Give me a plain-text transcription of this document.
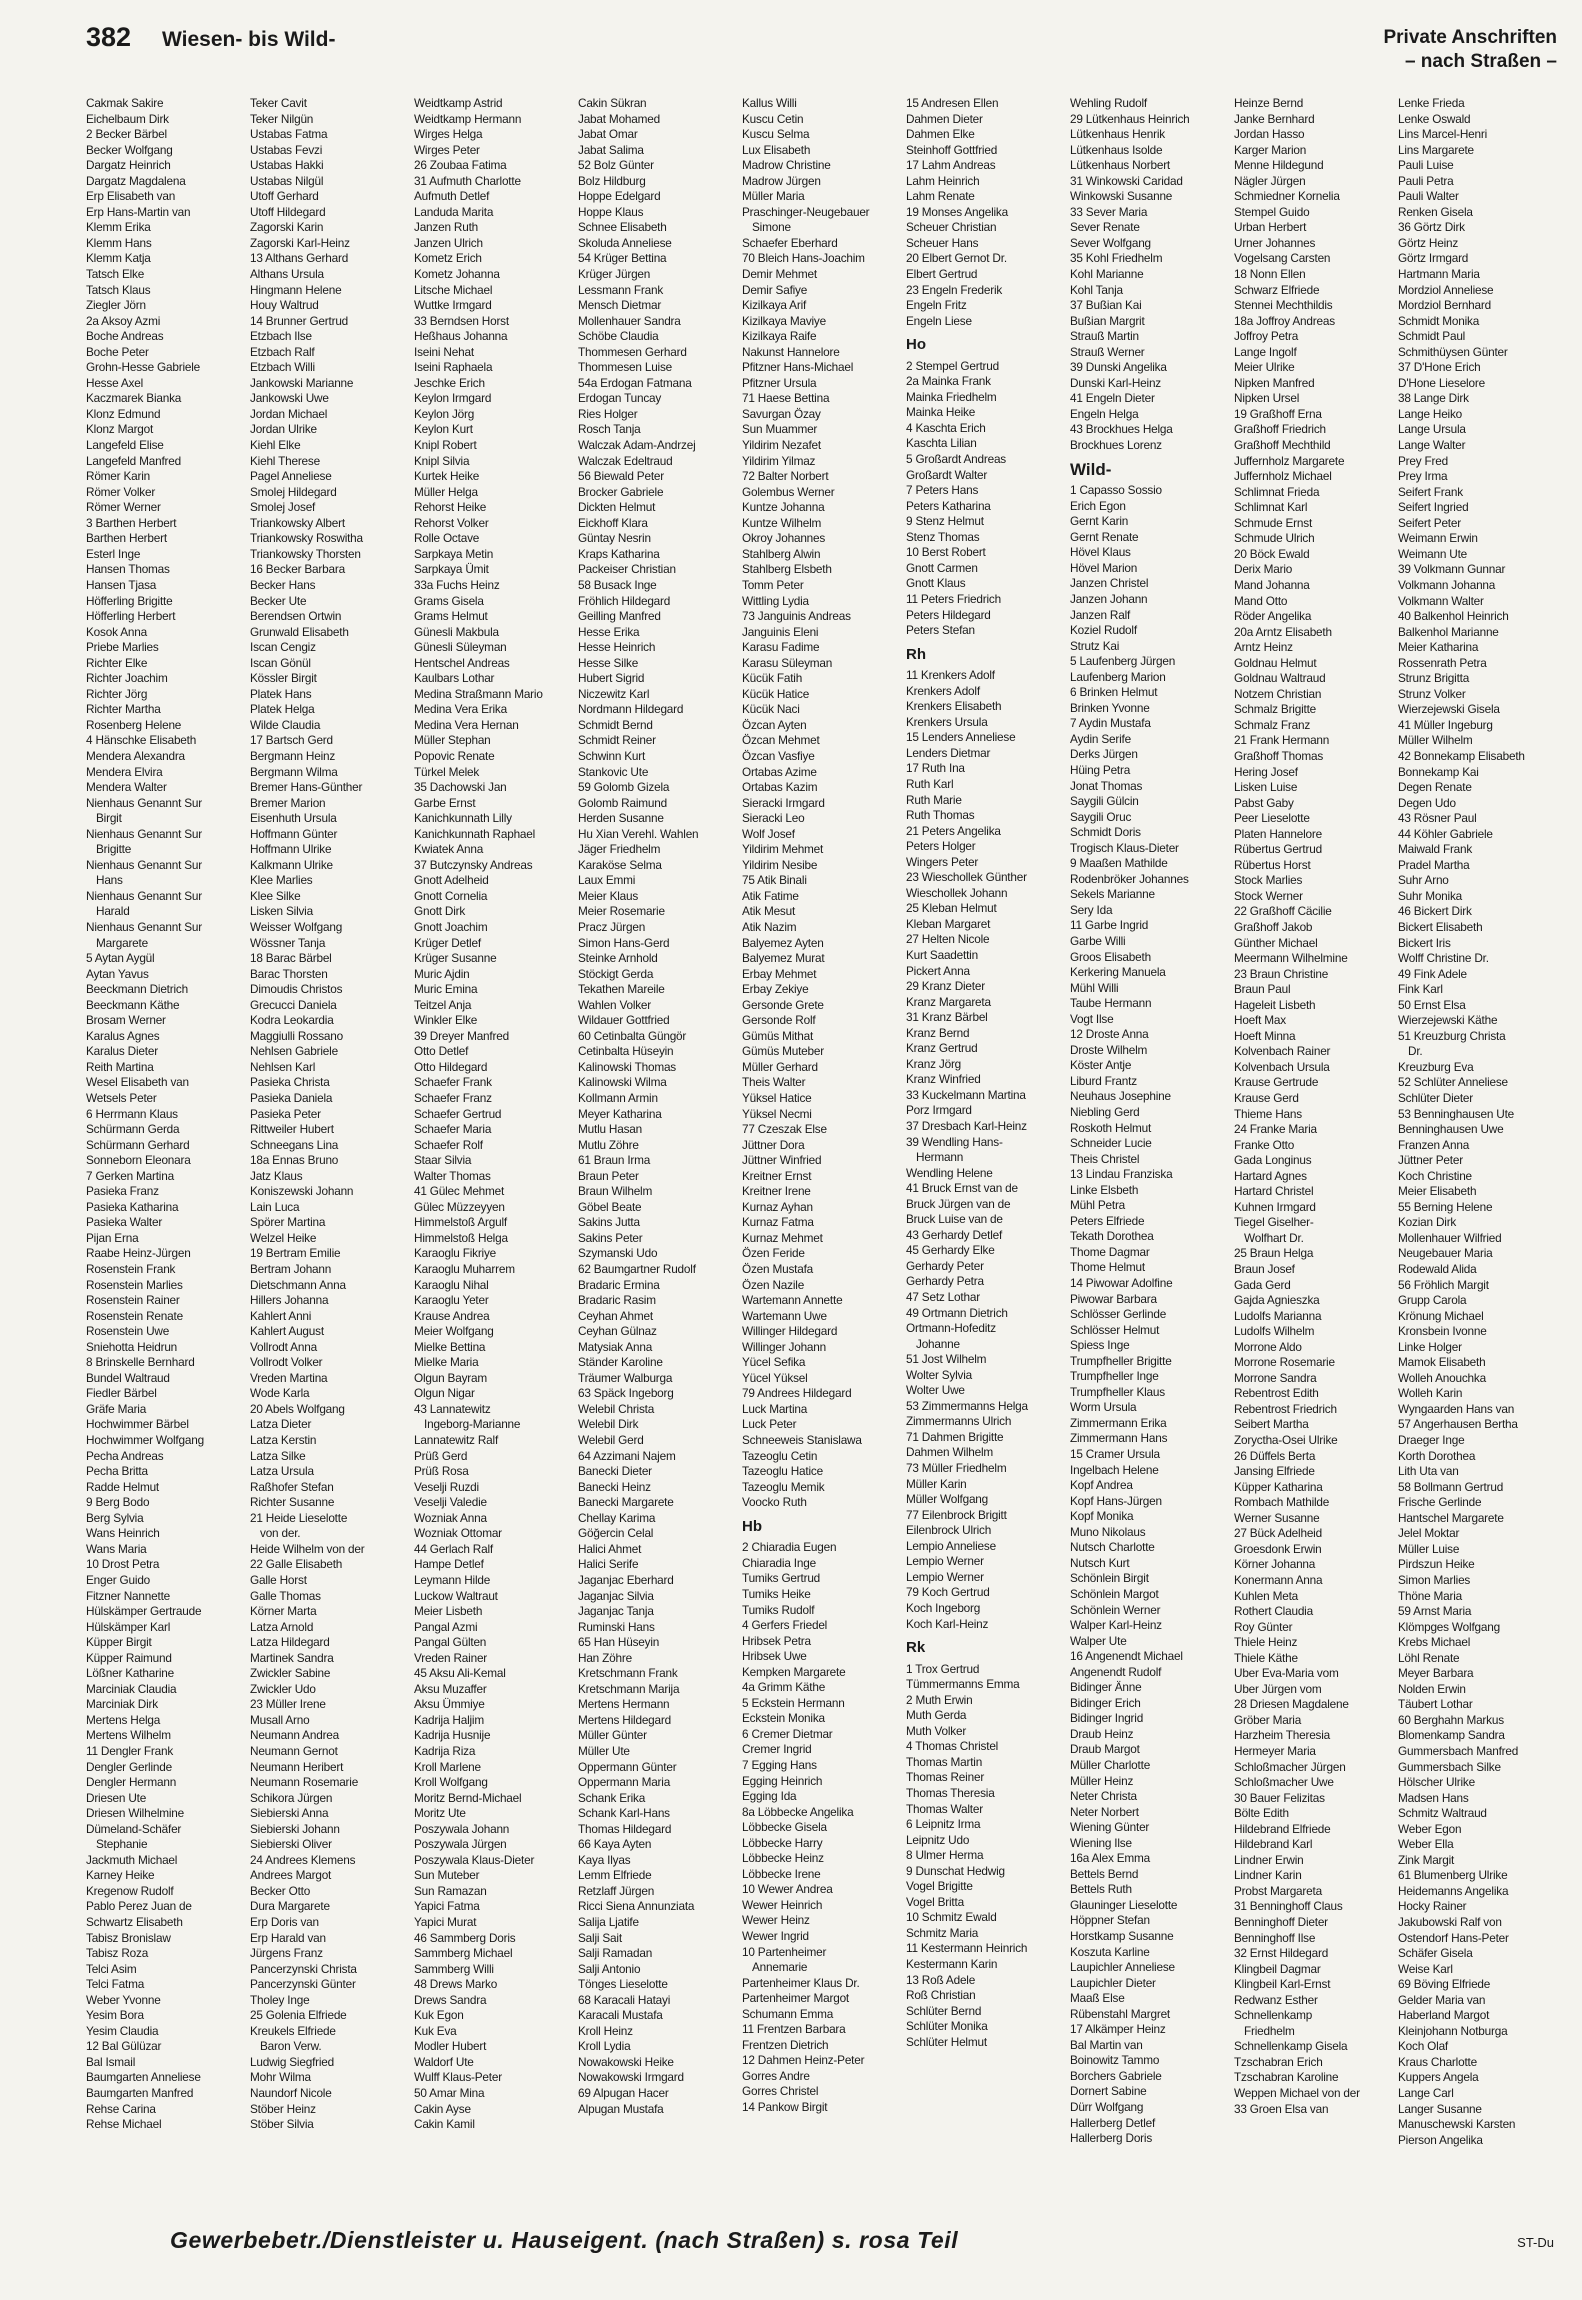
382 Wiesen- bis Wild-	Private Anschriften
– nach Straßen –
Cakmak Sakire
Eichelbaum Dirk
2 Becker Bärbel
Becker Wolfgang
Dargatz Heinrich
Dargatz Magdalena
Erp Elisabeth van
Erp Hans-Martin van
Klemm Erika
Klemm Hans
Klemm Katja
Tatsch Elke
Tatsch Klaus
Ziegler Jörn
2a Aksoy Azmi
Boche Andreas
Boche Peter
Grohn-Hesse Gabriele
Hesse Axel
Kaczmarek Bianka
Klonz Edmund
Klonz Margot
Langefeld Elise
Langefeld Manfred
Römer Karin
Römer Volker
Römer Werner
3 Barthen Herbert
Barthen Herbert
Esterl Inge
Hansen Thomas
Hansen Tjasa
Höfferling Brigitte
Höfferling Herbert
Kosok Anna
Priebe Marlies
Richter Elke
Richter Joachim
Richter Jörg
Richter Martha
Rosenberg Helene
4 Hänschke Elisabeth
Mendera Alexandra
Mendera Elvira
Mendera Walter
Nienhaus Genannt Sur
Birgit
Nienhaus Genannt Sur
Brigitte
Nienhaus Genannt Sur
Hans
Nienhaus Genannt Sur
Harald
Nienhaus Genannt Sur
Margarete
5 Aytan Aygül
Aytan Yavus
Beeckmann Dietrich
Beeckmann Käthe
Brosam Werner
Karalus Agnes
Karalus Dieter
Reith Martina
Wesel Elisabeth van
Wetsels Peter
6 Herrmann Klaus
Schürmann Gerda
Schürmann Gerhard
Sonneborn Eleonara
7 Gerken Martina
Pasieka Franz
Pasieka Katharina
Pasieka Walter
Pijan Erna
Raabe Heinz-Jürgen
Rosenstein Frank
Rosenstein Marlies
Rosenstein Rainer
Rosenstein Renate
Rosenstein Uwe
Sniehotta Heidrun
8 Brinskelle Bernhard
Bundel Waltraud
Fiedler Bärbel
Gräfe Maria
Hochwimmer Bärbel
Hochwimmer Wolfgang
Pecha Andreas
Pecha Britta
Radde Helmut
9 Berg Bodo
Berg Sylvia
Wans Heinrich
Wans Maria
10 Drost Petra
Enger Guido
Fitzner Nannette
Hülskämper Gertraude
Hülskämper Karl
Küpper Birgit
Küpper Raimund
Lößner Katharine
Marciniak Claudia
Marciniak Dirk
Mertens Helga
Mertens Wilhelm
11 Dengler Frank
Dengler Gerlinde
Dengler Hermann
Driesen Ute
Driesen Wilhelmine
Dümeland-Schäfer
Stephanie
Jackmuth Michael
Karney Heike
Kregenow Rudolf
Pablo Perez Juan de
Schwartz Elisabeth
Tabisz Bronislaw
Tabisz Roza
Telci Asim
Telci Fatma
Weber Yvonne
Yesim Bora
Yesim Claudia
12 Bal Gülüzar
Bal Ismail
Baumgarten Anneliese
Baumgarten Manfred
Rehse Carina
Rehse Michael
Teker Cavit
Teker Nilgün
Ustabas Fatma
Ustabas Fevzi
Ustabas Hakki
Ustabas Nilgül
Utoff Gerhard
Utoff Hildegard
Zagorski Karin
Zagorski Karl-Heinz
13 Althans Gerhard
Althans Ursula
Hingmann Helene
Houy Waltrud
14 Brunner Gertrud
Etzbach Ilse
Etzbach Ralf
Etzbach Willi
Jankowski Marianne
Jankowski Uwe
Jordan Michael
Jordan Ulrike
Kiehl Elke
Kiehl Therese
Pagel Anneliese
Smolej Hildegard
Smolej Josef
Triankowsky Albert
Triankowsky Roswitha
Triankowsky Thorsten
16 Becker Barbara
Becker Hans
Becker Ute
Berendsen Ortwin
Grunwald Elisabeth
Iscan Cengiz
Iscan Gönül
Kössler Birgit
Platek Hans
Platek Helga
Wilde Claudia
17 Bartsch Gerd
Bergmann Heinz
Bergmann Wilma
Bremer Hans-Günther
Bremer Marion
Eisenhuth Ursula
Hoffmann Günter
Hoffmann Ulrike
Kalkmann Ulrike
Klee Marlies
Klee Silke
Lisken Silvia
Weisser Wolfgang
Wössner Tanja
18 Barac Bärbel
Barac Thorsten
Dimoudis Christos
Grecucci Daniela
Kodra Leokardia
Maggiulli Rossano
Nehlsen Gabriele
Nehlsen Karl
Pasieka Christa
Pasieka Daniela
Pasieka Peter
Rittweiler Hubert
Schneegans Lina
18a Ennas Bruno
Jatz Klaus
Koniszewski Johann
Lain Luca
Spörer Martina
Welzel Heike
19 Bertram Emilie
Bertram Johann
Dietschmann Anna
Hillers Johanna
Kahlert Anni
Kahlert August
Vollrodt Anna
Vollrodt Volker
Vreden Martina
Wode Karla
20 Abels Wolfgang
Latza Dieter
Latza Kerstin
Latza Silke
Latza Ursula
Raßhofer Stefan
Richter Susanne
21 Heide Lieselotte
von der.
Heide Wilhelm von der
22 Galle Elisabeth
Galle Horst
Galle Thomas
Körner Marta
Latza Arnold
Latza Hildegard
Martinek Sandra
Zwickler Sabine
Zwickler Udo
23 Müller Irene
Musall Arno
Neumann Andrea
Neumann Gernot
Neumann Heribert
Neumann Rosemarie
Schikora Jürgen
Siebierski Anna
Siebierski Johann
Siebierski Oliver
24 Andrees Klemens
Andrees Margot
Becker Otto
Dura Margarete
Erp Doris van
Erp Harald van
Jürgens Franz
Pancerzynski Christa
Pancerzynski Günter
Tholey Inge
25 Golenia Elfriede
Kreukels Elfriede
Baron Verw.
Ludwig Siegfried
Mohr Wilma
Naundorf Nicole
Stöber Heinz
Stöber Silvia
Weidtkamp Astrid
Weidtkamp Hermann
Wirges Helga
Wirges Peter
26 Zoubaa Fatima
31 Aufmuth Charlotte
Aufmuth Detlef
Landuda Marita
Janzen Ruth
Janzen Ulrich
Kometz Erich
Kometz Johanna
Litsche Michael
Wuttke Irmgard
33 Berndsen Horst
Heßhaus Johanna
Iseini Nehat
Iseini Raphaela
Jeschke Erich
Keylon Irmgard
Keylon Jörg
Keylon Kurt
Knipl Robert
Knipl Silvia
Kurtek Heike
Müller Helga
Rehorst Heike
Rehorst Volker
Rolle Octave
Sarpkaya Metin
Sarpkaya Ümit
33a Fuchs Heinz
Grams Gisela
Grams Helmut
Günesli Makbula
Günesli Süleyman
Hentschel Andreas
Kaulbars Lothar
Medina Straßmann Mario
Medina Vera Erika
Medina Vera Hernan
Müller Stephan
Popovic Renate
Türkel Melek
35 Dachowski Jan
Garbe Ernst
Kanichkunnath Lilly
Kanichkunnath Raphael
Kwiatek Anna
37 Butczynsky Andreas
Gnott Adelheid
Gnott Cornelia
Gnott Dirk
Gnott Joachim
Krüger Detlef
Krüger Susanne
Muric Ajdin
Muric Emina
Teitzel Anja
Winkler Elke
39 Dreyer Manfred
Otto Detlef
Otto Hildegard
Schaefer Frank
Schaefer Franz
Schaefer Gertrud
Schaefer Maria
Schaefer Rolf
Staar Silvia
Walter Thomas
41 Gülec Mehmet
Gülec Müzzeyyen
Himmelstoß Argulf
Himmelstoß Helga
Karaoglu Fikriye
Karaoglu Muharrem
Karaoglu Nihal
Karaoglu Yeter
Krause Andrea
Meier Wolfgang
Mielke Bettina
Mielke Maria
Olgun Bayram
Olgun Nigar
43 Lannatewitz
Ingeborg-Marianne
Lannatewitz Ralf
Prüß Gerd
Prüß Rosa
Veselji Ruzdi
Veselji Valedie
Wozniak Anna
Wozniak Ottomar
44 Gerlach Ralf
Hampe Detlef
Leymann Hilde
Luckow Waltraut
Meier Lisbeth
Pangal Azmi
Pangal Gülten
Vreden Rainer
45 Aksu Ali-Kemal
Aksu Muzaffer
Aksu Ümmiye
Kadrija Haljim
Kadrija Husnije
Kadrija Riza
Kroll Marlene
Kroll Wolfgang
Moritz Bernd-Michael
Moritz Ute
Poszywala Johann
Poszywala Jürgen
Poszywala Klaus-Dieter
Sun Muteber
Sun Ramazan
Yapici Fatma
Yapici Murat
46 Sammberg Doris
Sammberg Michael
Sammberg Willi
48 Drews Marko
Drews Sandra
Kuk Egon
Kuk Eva
Modler Hubert
Waldorf Ute
Wulff Klaus-Peter
50 Amar Mina
Cakin Ayse
Cakin Kamil
Cakin Sükran
Jabat Mohamed
Jabat Omar
Jabat Salima
52 Bolz Günter
Bolz Hildburg
Hoppe Edelgard
Hoppe Klaus
Schnee Elisabeth
Skoluda Anneliese
54 Krüger Bettina
Krüger Jürgen
Lessmann Frank
Mensch Dietmar
Mollenhauer Sandra
Schöbe Claudia
Thommesen Gerhard
Thommesen Luise
54a Erdogan Fatmana
Erdogan Tuncay
Ries Holger
Rosch Tanja
Walczak Adam-Andrzej
Walczak Edeltraud
56 Biewald Peter
Brocker Gabriele
Dickten Helmut
Eickhoff Klara
Güntay Nesrin
Kraps Katharina
Packeiser Christian
58 Busack Inge
Fröhlich Hildegard
Geilling Manfred
Hesse Erika
Hesse Heinrich
Hesse Silke
Hubert Sigrid
Niczewitz Karl
Nordmann Hildegard
Schmidt Bernd
Schmidt Reiner
Schwinn Kurt
Stankovic Ute
59 Golomb Gizela
Golomb Raimund
Herden Susanne
Hu Xian Verehl. Wahlen
Jäger Friedhelm
Karaköse Selma
Laux Emmi
Meier Klaus
Meier Rosemarie
Pracz Jürgen
Simon Hans-Gerd
Steinke Arnhold
Stöckigt Gerda
Tekathen Mareile
Wahlen Volker
Wildauer Gottfried
60 Cetinbalta Güngör
Cetinbalta Hüseyin
Kalinowski Thomas
Kalinowski Wilma
Kollmann Armin
Meyer Katharina
Mutlu Hasan
Mutlu Zöhre
61 Braun Irma
Braun Peter
Braun Wilhelm
Göbel Beate
Sakins Jutta
Sakins Peter
Szymanski Udo
62 Baumgartner Rudolf
Bradaric Ermina
Bradaric Rasim
Ceyhan Ahmet
Ceyhan Gülnaz
Matysiak Anna
Ständer Karoline
Träumer Walburga
63 Späck Ingeborg
Welebil Christa
Welebil Dirk
Welebil Gerd
64 Azzimani Najem
Banecki Dieter
Banecki Heinz
Banecki Margarete
Chellay Karima
Göğercin Celal
Halici Ahmet
Halici Serife
Jaganjac Eberhard
Jaganjac Silvia
Jaganjac Tanja
Ruminski Hans
65 Han Hüseyin
Han Zöhre
Kretschmann Frank
Kretschmann Marija
Mertens Hermann
Mertens Hildegard
Müller Günter
Müller Ute
Oppermann Günter
Oppermann Maria
Schank Erika
Schank Karl-Hans
Thomas Hildegard
66 Kaya Ayten
Kaya Ilyas
Lemm Elfriede
Retzlaff Jürgen
Ricci Siena Annunziata
Salija Ljatife
Salji Sait
Salji Ramadan
Salji Antonio
Tönges Lieselotte
68 Karacali Hatayi
Karacali Mustafa
Kroll Heinz
Kroll Lydia
Nowakowski Heike
Nowakowski Irmgard
69 Alpugan Hacer
Alpugan Mustafa
Kallus Willi
Kuscu Cetin
Kuscu Selma
Lux Elisabeth
Madrow Christine
Madrow Jürgen
Müller Maria
Praschinger-Neugebauer
Simone
Schaefer Eberhard
70 Bleich Hans-Joachim
Demir Mehmet
Demir Safiye
Kizilkaya Arif
Kizilkaya Maviye
Kizilkaya Raife
Nakunst Hannelore
Pfitzner Hans-Michael
Pfitzner Ursula
71 Haese Bettina
Savurgan Özay
Sun Muammer
Yildirim Nezafet
Yildirim Yilmaz
72 Balter Norbert
Golembus Werner
Kuntze Johanna
Kuntze Wilhelm
Okroy Johannes
Stahlberg Alwin
Stahlberg Elsbeth
Tomm Peter
Wittling Lydia
73 Janguinis Andreas
Janguinis Eleni
Karasu Fadime
Karasu Süleyman
Kücük Fatih
Kücük Hatice
Kücük Naci
Özcan Ayten
Özcan Mehmet
Özcan Vasfiye
Ortabas Azime
Ortabas Kazim
Sieracki Irmgard
Sieracki Leo
Wolf Josef
Yildirim Mehmet
Yildirim Nesibe
75 Atik Binali
Atik Fatime
Atik Mesut
Atik Nazim
Balyemez Ayten
Balyemez Murat
Erbay Mehmet
Erbay Zekiye
Gersonde Grete
Gersonde Rolf
Gümüs Mithat
Gümüs Muteber
Müller Gerhard
Theis Walter
Yüksel Hatice
Yüksel Necmi
77 Czeszak Else
Jüttner Dora
Jüttner Winfried
Kreitner Ernst
Kreitner Irene
Kurnaz Ayhan
Kurnaz Fatma
Kurnaz Mehmet
Özen Feride
Özen Mustafa
Özen Nazile
Wartemann Annette
Wartemann Uwe
Willinger Hildegard
Willinger Johann
Yücel Sefika
Yücel Yüksel
79 Andrees Hildegard
Luck Martina
Luck Peter
Schneeweis Stanislawa
Tazeoglu Cetin
Tazeoglu Hatice
Tazeoglu Memik
Voocko Ruth
Hb
2 Chiaradia Eugen
Chiaradia Inge
Tumiks Gertrud
Tumiks Heike
Tumiks Rudolf
4 Gerfers Friedel
Hribsek Petra
Hribsek Uwe
Kempken Margarete
4a Grimm Käthe
5 Eckstein Hermann
Eckstein Monika
6 Cremer Dietmar
Cremer Ingrid
7 Egging Hans
Egging Heinrich
Egging Ida
8a Löbbecke Angelika
Löbbecke Gisela
Löbbecke Harry
Löbbecke Heinz
Löbbecke Irene
10 Wewer Andrea
Wewer Heinrich
Wewer Heinz
Wewer Ingrid
10 Partenheimer
Annemarie
Partenheimer Klaus Dr.
Partenheimer Margot
Schumann Emma
11 Frentzen Barbara
Frentzen Dietrich
12 Dahmen Heinz-Peter
Gorres Andre
Gorres Christel
14 Pankow Birgit
15 Andresen Ellen
Dahmen Dieter
Dahmen Elke
Steinhoff Gottfried
17 Lahm Andreas
Lahm Heinrich
Lahm Renate
19 Monses Angelika
Scheuer Christian
Scheuer Hans
20 Elbert Gernot Dr.
Elbert Gertrud
23 Engeln Frederik
Engeln Fritz
Engeln Liese
Ho
2 Stempel Gertrud
2a Mainka Frank
Mainka Friedhelm
Mainka Heike
4 Kaschta Erich
Kaschta Lilian
5 Großardt Andreas
Großardt Walter
7 Peters Hans
Peters Katharina
9 Stenz Helmut
Stenz Thomas
10 Berst Robert
Gnott Carmen
Gnott Klaus
11 Peters Friedrich
Peters Hildegard
Peters Stefan
Rh
11 Krenkers Adolf
Krenkers Adolf
Krenkers Elisabeth
Krenkers Ursula
15 Lenders Anneliese
Lenders Dietmar
17 Ruth Ina
Ruth Karl
Ruth Marie
Ruth Thomas
21 Peters Angelika
Peters Holger
Wingers Peter
23 Wieschollek Günther
Wieschollek Johann
25 Kleban Helmut
Kleban Margaret
27 Helten Nicole
Kurt Saadettin
Pickert Anna
29 Kranz Dieter
Kranz Margareta
31 Kranz Bärbel
Kranz Bernd
Kranz Gertrud
Kranz Jörg
Kranz Winfried
33 Kuckelmann Martina
Porz Irmgard
37 Dresbach Karl-Heinz
39 Wendling Hans-
Hermann
Wendling Helene
41 Bruck Ernst van de
Bruck Jürgen van de
Bruck Luise van de
43 Gerhardy Detlef
45 Gerhardy Elke
Gerhardy Peter
Gerhardy Petra
47 Setz Lothar
49 Ortmann Dietrich
Ortmann-Hofeditz
Johanne
51 Jost Wilhelm
Wolter Sylvia
Wolter Uwe
53 Zimmermanns Helga
Zimmermanns Ulrich
71 Dahmen Brigitte
Dahmen Wilhelm
73 Müller Friedhelm
Müller Karin
Müller Wolfgang
77 Eilenbrock Brigitt
Eilenbrock Ulrich
Lempio Anneliese
Lempio Werner
Lempio Werner
79 Koch Gertrud
Koch Ingeborg
Koch Karl-Heinz
Rk
1 Trox Gertrud
Tümmermanns Emma
2 Muth Erwin
Muth Gerda
Muth Volker
4 Thomas Christel
Thomas Martin
Thomas Reiner
Thomas Theresia
Thomas Walter
6 Leipnitz Irma
Leipnitz Udo
8 Ulmer Herma
9 Dunschat Hedwig
Vogel Brigitte
Vogel Britta
10 Schmitz Ewald
Schmitz Maria
11 Kestermann Heinrich
Kestermann Karin
13 Roß Adele
Roß Christian
Schlüter Bernd
Schlüter Monika
Schlüter Helmut
Wehling Rudolf
29 Lütkenhaus Heinrich
Lütkenhaus Henrik
Lütkenhaus Isolde
Lütkenhaus Norbert
31 Winkowski Caridad
Winkowski Susanne
33 Sever Maria
Sever Renate
Sever Wolfgang
35 Kohl Friedhelm
Kohl Marianne
Kohl Tanja
37 Bußian Kai
Bußian Margrit
Strauß Martin
Strauß Werner
39 Dunski Angelika
Dunski Karl-Heinz
41 Engeln Dieter
Engeln Helga
43 Brockhues Helga
Brockhues Lorenz
Wild-
1 Capasso Sossio
Erich Egon
Gernt Karin
Gernt Renate
Hövel Klaus
Hövel Marion
Janzen Christel
Janzen Johann
Janzen Ralf
Koziel Rudolf
Strutz Kai
5 Laufenberg Jürgen
Laufenberg Marion
6 Brinken Helmut
Brinken Yvonne
7 Aydin Mustafa
Aydin Serife
Derks Jürgen
Hüing Petra
Jonat Thomas
Saygili Gülcin
Saygili Oruc
Schmidt Doris
Trogisch Klaus-Dieter
9 Maaßen Mathilde
Rodenbröker Johannes
Sekels Marianne
Sery Ida
11 Garbe Ingrid
Garbe Willi
Groos Elisabeth
Kerkering Manuela
Mühl Willi
Taube Hermann
Vogt Ilse
12 Droste Anna
Droste Wilhelm
Köster Antje
Liburd Frantz
Neuhaus Josephine
Niebling Gerd
Roskoth Helmut
Schneider Lucie
Theis Christel
13 Lindau Franziska
Linke Elsbeth
Mühl Petra
Peters Elfriede
Tekath Dorothea
Thome Dagmar
Thome Helmut
14 Piwowar Adolfine
Piwowar Barbara
Schlösser Gerlinde
Schlösser Helmut
Spiess Inge
Trumpfheller Brigitte
Trumpfheller Inge
Trumpfheller Klaus
Worm Ursula
Zimmermann Erika
Zimmermann Hans
15 Cramer Ursula
Ingelbach Helene
Kopf Andrea
Kopf Hans-Jürgen
Kopf Monika
Muno Nikolaus
Nutsch Charlotte
Nutsch Kurt
Schönlein Birgit
Schönlein Margot
Schönlein Werner
Walper Karl-Heinz
Walper Ute
16 Angenendt Michael
Angenendt Rudolf
Bidinger Änne
Bidinger Erich
Bidinger Ingrid
Draub Heinz
Draub Margot
Müller Charlotte
Müller Heinz
Neter Christa
Neter Norbert
Wiening Günter
Wiening Ilse
16a Alex Emma
Bettels Bernd
Bettels Ruth
Glauninger Lieselotte
Höppner Stefan
Horstkamp Susanne
Koszuta Karline
Laupichler Anneliese
Laupichler Dieter
Maaß Else
Rübenstahl Margret
17 Alkämper Heinz
Bal Martin van
Boinowitz Tammo
Borchers Gabriele
Dornert Sabine
Dürr Wolfgang
Hallerberg Detlef
Hallerberg Doris
Heinze Bernd
Janke Bernhard
Jordan Hasso
Karger Marion
Menne Hildegund
Nägler Jürgen
Schmiedner Kornelia
Stempel Guido
Urban Herbert
Urner Johannes
Vogelsang Carsten
18 Nonn Ellen
Schwarz Elfriede
Stennei Mechthildis
18a Joffroy Andreas
Joffroy Petra
Lange Ingolf
Meier Ulrike
Nipken Manfred
Nipken Ursel
19 Graßhoff Erna
Graßhoff Friedrich
Graßhoff Mechthild
Juffernholz Margarete
Juffernholz Michael
Schlimnat Frieda
Schlimnat Karl
Schmude Ernst
Schmude Ulrich
20 Böck Ewald
Derix Mario
Mand Johanna
Mand Otto
Röder Angelika
20a Arntz Elisabeth
Arntz Heinz
Goldnau Helmut
Goldnau Waltraud
Notzem Christian
Schmalz Brigitte
Schmalz Franz
21 Frank Hermann
Graßhoff Thomas
Hering Josef
Lisken Luise
Pabst Gaby
Peer Lieselotte
Platen Hannelore
Rübertus Gertrud
Rübertus Horst
Stock Marlies
Stock Werner
22 Graßhoff Cäcilie
Graßhoff Jakob
Günther Michael
Meermann Wilhelmine
23 Braun Christine
Braun Paul
Hageleit Lisbeth
Hoeft Max
Hoeft Minna
Kolvenbach Rainer
Kolvenbach Ursula
Krause Gertrude
Krause Gerd
Thieme Hans
24 Franke Maria
Franke Otto
Gada Longinus
Hartard Agnes
Hartard Christel
Kuhnen Irmgard
Tiegel Giselher-
Wolfhart Dr.
25 Braun Helga
Braun Josef
Gada Gerd
Gajda Agnieszka
Ludolfs Marianna
Ludolfs Wilhelm
Morrone Aldo
Morrone Rosemarie
Morrone Sandra
Rebentrost Edith
Rebentrost Friedrich
Seibert Martha
Zoryctha-Osei Ulrike
26 Düffels Berta
Jansing Elfriede
Küpper Katharina
Rombach Mathilde
Werner Susanne
27 Bück Adelheid
Groesdonk Erwin
Körner Johanna
Konermann Anna
Kuhlen Meta
Rothert Claudia
Roy Günter
Thiele Heinz
Thiele Käthe
Uber Eva-Maria vom
Uber Jürgen vom
28 Driesen Magdalene
Gröber Maria
Harzheim Theresia
Hermeyer Maria
Schloßmacher Jürgen
Schloßmacher Uwe
30 Bauer Felizitas
Bölte Edith
Hildebrand Elfriede
Hildebrand Karl
Lindner Erwin
Lindner Karin
Probst Margareta
31 Benninghoff Claus
Benninghoff Dieter
Benninghoff Ilse
32 Ernst Hildegard
Klingbeil Dagmar
Klingbeil Karl-Ernst
Redwanz Esther
Schnellenkamp
Friedhelm
Schnellenkamp Gisela
Tzschabran Erich
Tzschabran Karoline
Weppen Michael von der
33 Groen Elsa van
Lenke Frieda
Lenke Oswald
Lins Marcel-Henri
Lins Margarete
Pauli Luise
Pauli Petra
Pauli Walter
Renken Gisela
36 Görtz Dirk
Görtz Heinz
Görtz Irmgard
Hartmann Maria
Mordziol Anneliese
Mordziol Bernhard
Schmidt Monika
Schmidt Paul
Schmithüysen Günter
37 D'Hone Erich
D'Hone Lieselore
38 Lange Dirk
Lange Heiko
Lange Ursula
Lange Walter
Prey Fred
Prey Irma
Seifert Frank
Seifert Ingried
Seifert Peter
Weimann Erwin
Weimann Ute
39 Volkmann Gunnar
Volkmann Johanna
Volkmann Walter
40 Balkenhol Heinrich
Balkenhol Marianne
Meier Katharina
Rossenrath Petra
Strunz Brigitta
Strunz Volker
Wierzejewski Gisela
41 Müller Ingeburg
Müller Wilhelm
42 Bonnekamp Elisabeth
Bonnekamp Kai
Degen Renate
Degen Udo
43 Rösner Paul
44 Köhler Gabriele
Maiwald Frank
Pradel Martha
Suhr Arno
Suhr Monika
46 Bickert Dirk
Bickert Elisabeth
Bickert Iris
Wolff Christine Dr.
49 Fink Adele
Fink Karl
50 Ernst Elsa
Wierzejewski Käthe
51 Kreuzburg Christa
Dr.
Kreuzburg Eva
52 Schlüter Anneliese
Schlüter Dieter
53 Benninghausen Ute
Benninghausen Uwe
Franzen Anna
Jüttner Peter
Koch Christine
Meier Elisabeth
55 Berning Helene
Kozian Dirk
Mollenhauer Wilfried
Neugebauer Maria
Rodewald Alida
56 Fröhlich Margit
Grupp Carola
Krönung Michael
Kronsbein Ivonne
Linke Holger
Mamok Elisabeth
Wolleh Anouchka
Wolleh Karin
Wyngaarden Hans van
57 Angerhausen Bertha
Draeger Inge
Korth Dorothea
Lith Uta van
58 Bollmann Gertrud
Frische Gerlinde
Hantschel Margarete
Jelel Moktar
Müller Luise
Pirdszun Heike
Simon Marlies
Thöne Maria
59 Arnst Maria
Klömpges Wolfgang
Krebs Michael
Löhl Renate
Meyer Barbara
Nolden Erwin
Täubert Lothar
60 Berghahn Markus
Blomenkamp Sandra
Gummersbach Manfred
Gummersbach Silke
Hölscher Ulrike
Madsen Hans
Schmitz Waltraud
Weber Egon
Weber Ella
Zink Margit
61 Blumenberg Ulrike
Heidemanns Angelika
Hocky Rainer
Jakubowski Ralf von
Ostendorf Hans-Peter
Schäfer Gisela
Weise Karl
69 Böving Elfriede
Gelder Maria van
Haberland Margot
Kleinjohann Notburga
Koch Olaf
Kraus Charlotte
Kuppers Angela
Lange Carl
Langer Susanne
Manuschewski Karsten
Pierson Angelika
Gewerbebetr./Dienstleister u. Hauseigent. (nach Straßen) s. rosa Teil	ST-Du
